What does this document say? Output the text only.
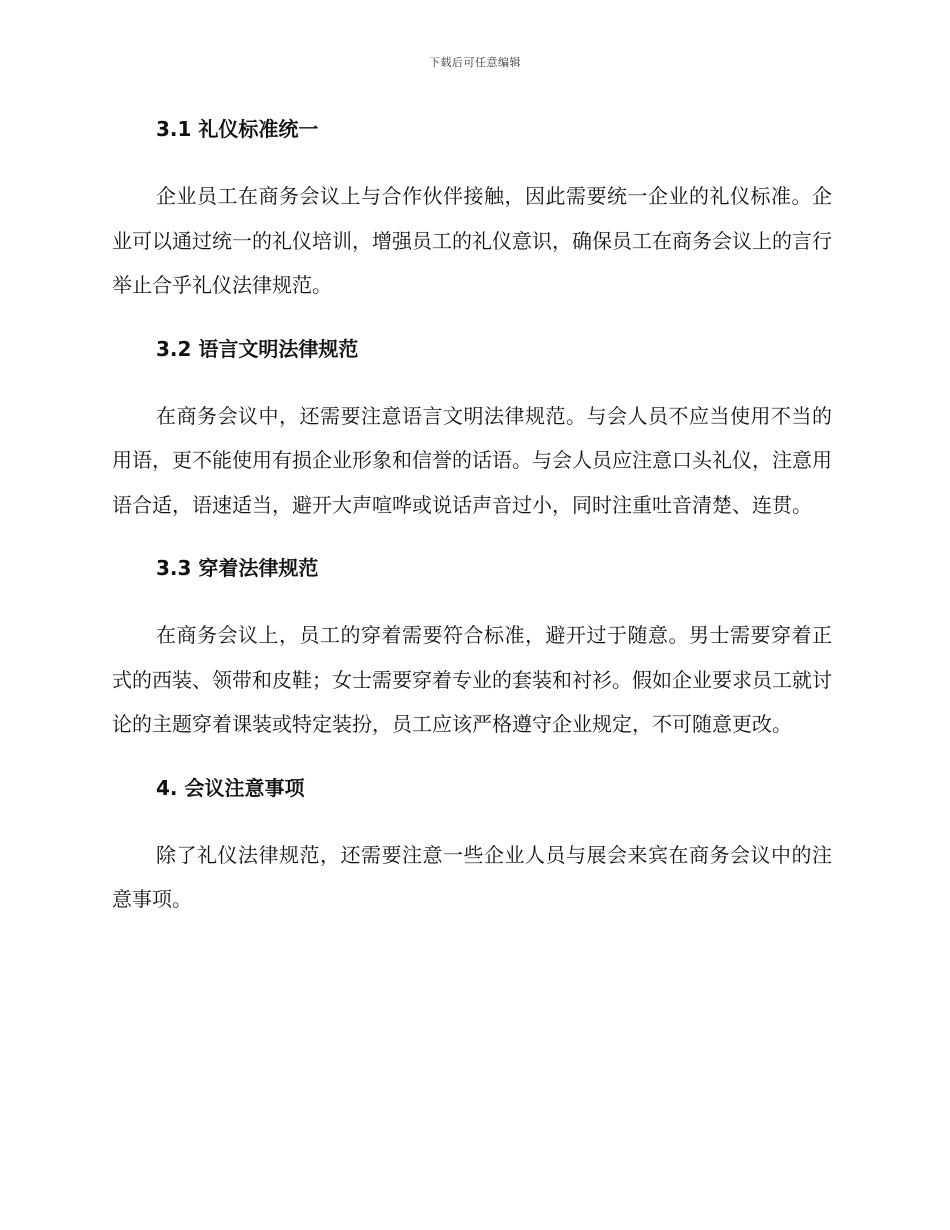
下载后可任意编辑
3.1 礼仪标准统一

企业员工在商务会议上与合作伙伴接触，因此需要统一企业的礼仪标准。企业可以通过统一的礼仪培训，增强员工的礼仪意识，确保员工在商务会议上的言行举止合乎礼仪法律规范。

3.2 语言文明法律规范

在商务会议中，还需要注意语言文明法律规范。与会人员不应当使用不当的用语，更不能使用有损企业形象和信誉的话语。与会人员应注意口头礼仪，注意用语合适，语速适当，避开大声喧哗或说话声音过小，同时注重吐音清楚、连贯。

3.3 穿着法律规范

在商务会议上，员工的穿着需要符合标准，避开过于随意。男士需要穿着正式的西装、领带和皮鞋；女士需要穿着专业的套装和衬衫。假如企业要求员工就讨论的主题穿着课装或特定装扮，员工应该严格遵守企业规定，不可随意更改。

4. 会议注意事项

除了礼仪法律规范，还需要注意一些企业人员与展会来宾在商务会议中的注意事项。
